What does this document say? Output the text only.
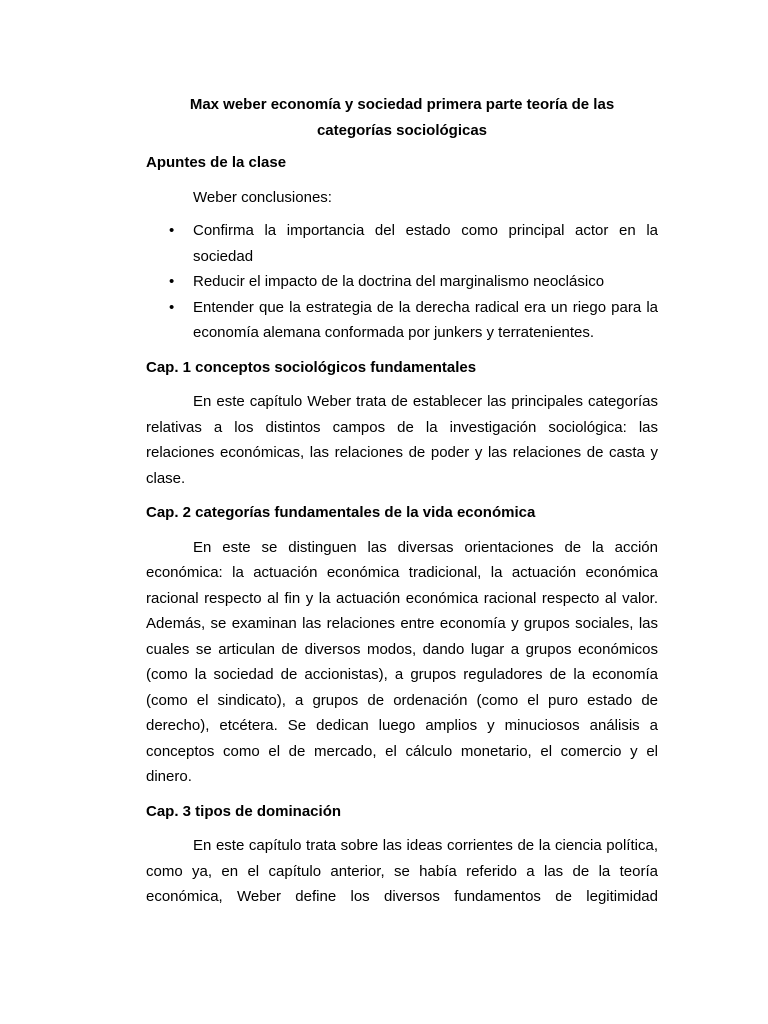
Max weber economía y sociedad primera parte teoría de las categorías sociológicas

Apuntes de la clase

Weber conclusiones:

• Confirma la importancia del estado como principal actor en la sociedad
• Reducir el impacto de la doctrina del marginalismo neoclásico
• Entender que la estrategia de la derecha radical era un riego para la economía alemana conformada por junkers y terratenientes.

Cap. 1 conceptos sociológicos fundamentales

En este capítulo Weber trata de establecer las principales categorías relativas a los distintos campos de la investigación sociológica: las relaciones económicas, las relaciones de poder y las relaciones de casta y clase.

Cap. 2 categorías fundamentales de la vida económica

En este se distinguen las diversas orientaciones de la acción económica: la actuación económica tradicional, la actuación económica racional respecto al fin y la actuación económica racional respecto al valor. Además, se examinan las relaciones entre economía y grupos sociales, las cuales se articulan de diversos modos, dando lugar a grupos económicos (como la sociedad de accionistas), a grupos reguladores de la economía (como el sindicato), a grupos de ordenación (como el puro estado de derecho), etcétera. Se dedican luego amplios y minuciosos análisis a conceptos como el de mercado, el cálculo monetario, el comercio y el dinero.

Cap. 3 tipos de dominación

En este capítulo trata sobre las ideas corrientes de la ciencia política, como ya, en el capítulo anterior, se había referido a las de la teoría económica, Weber define los diversos fundamentos de legitimidad
